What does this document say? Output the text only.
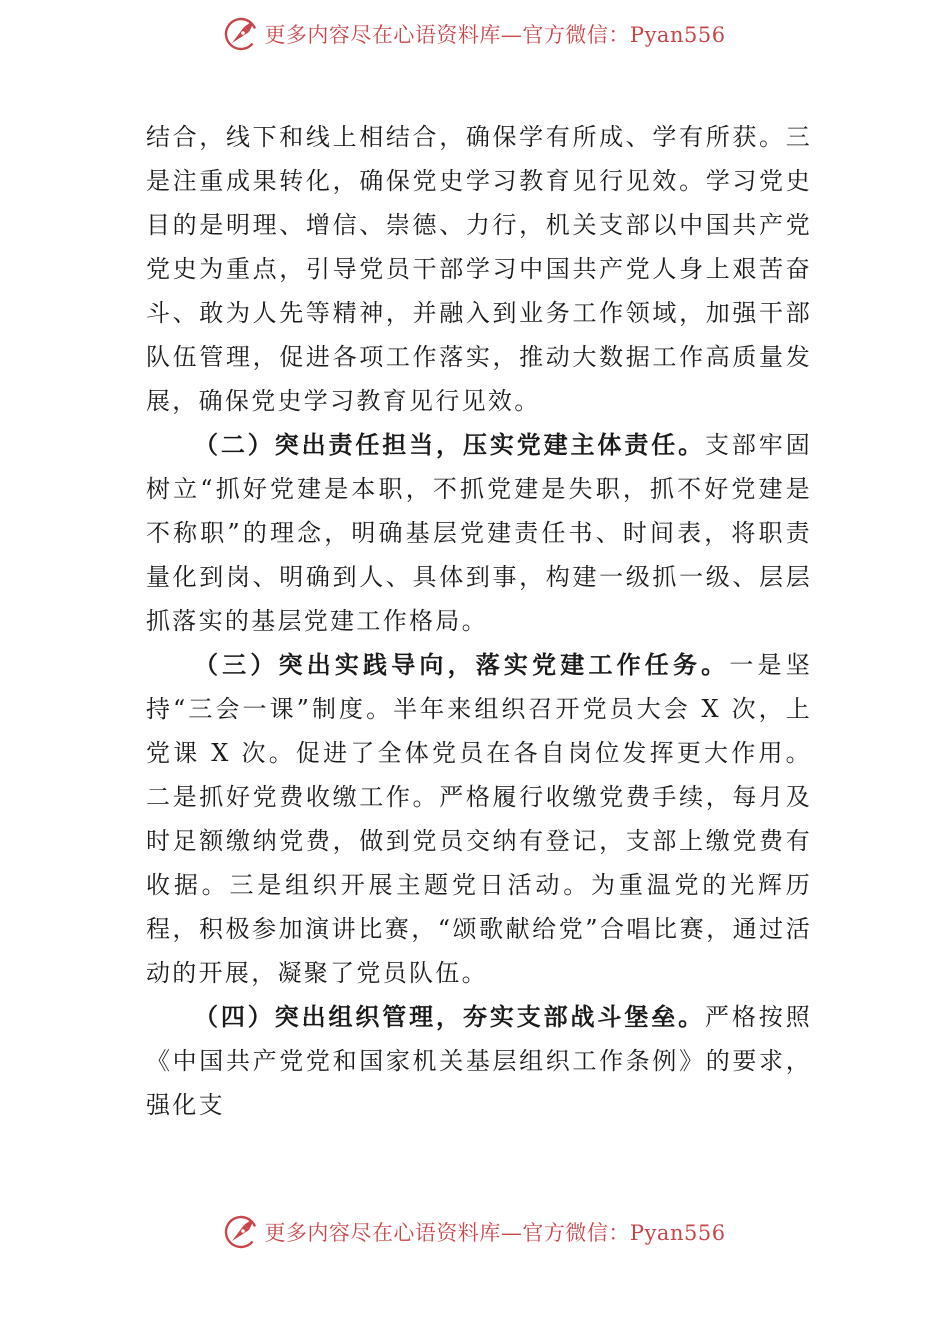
更多内容尽在心语资料库—官方微信：Pyan556

结合，线下和线上相结合，确保学有所成、学有所获。三是注重成果转化，确保党史学习教育见行见效。学习党史目的是明理、增信、崇德、力行，机关支部以中国共产党党史为重点，引导党员干部学习中国共产党人身上艰苦奋斗、敢为人先等精神，并融入到业务工作领域，加强干部队伍管理，促进各项工作落实，推动大数据工作高质量发展，确保党史学习教育见行见效。

（二）突出责任担当，压实党建主体责任。支部牢固树立“抓好党建是本职，不抓党建是失职，抓不好党建是不称职”的理念，明确基层党建责任书、时间表，将职责量化到岗、明确到人、具体到事，构建一级抓一级、层层抓落实的基层党建工作格局。

（三）突出实践导向，落实党建工作任务。一是坚持“三会一课”制度。半年来组织召开党员大会 X 次，上党课 X 次。促进了全体党员在各自岗位发挥更大作用。二是抓好党费收缴工作。严格履行收缴党费手续，每月及时足额缴纳党费，做到党员交纳有登记，支部上缴党费有收据。三是组织开展主题党日活动。为重温党的光辉历程，积极参加演讲比赛，“颂歌献给党”合唱比赛，通过活动的开展，凝聚了党员队伍。

（四）突出组织管理，夯实支部战斗堡垒。严格按照《中国共产党党和国家机关基层组织工作条例》的要求，强化支

更多内容尽在心语资料库—官方微信：Pyan556
